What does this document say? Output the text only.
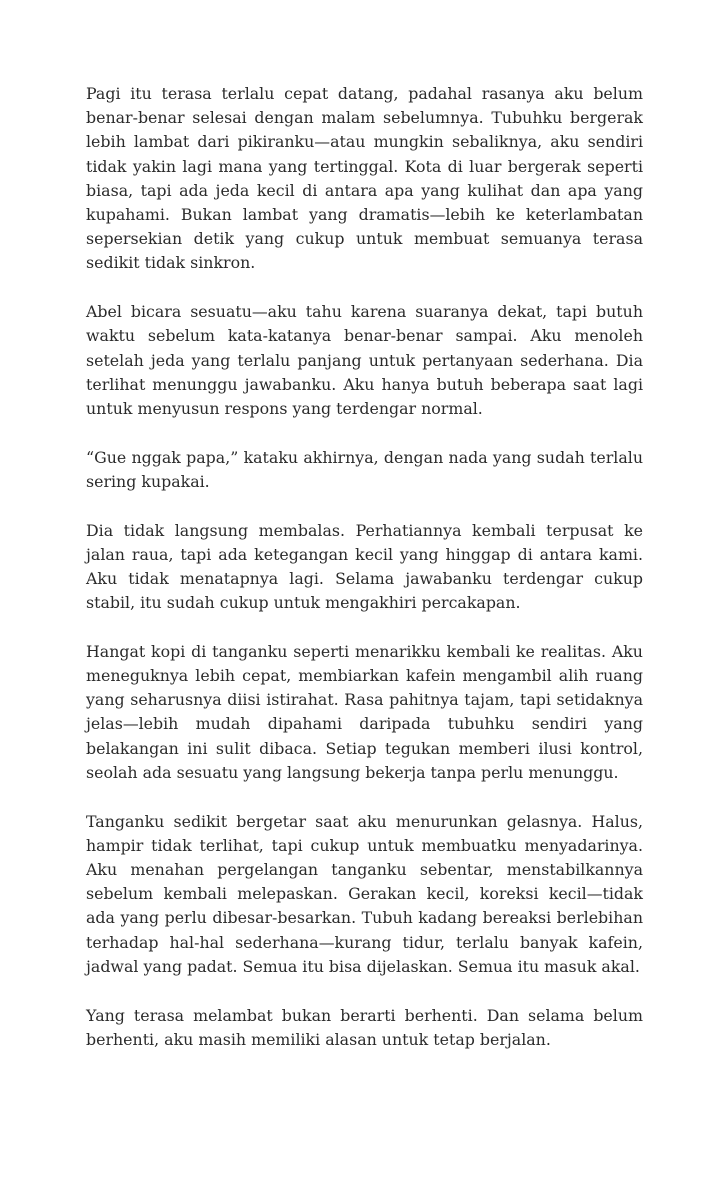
Pagi itu terasa terlalu cepat datang, padahal rasanya aku belum benar-benar selesai dengan malam sebelumnya. Tubuhku bergerak lebih lambat dari pikiranku—atau mungkin sebaliknya, aku sendiri tidak yakin lagi mana yang tertinggal. Kota di luar bergerak seperti biasa, tapi ada jeda kecil di antara apa yang kulihat dan apa yang kupahami. Bukan lambat yang dramatis—lebih ke keterlambatan sepersekian detik yang cukup untuk membuat semuanya terasa sedikit tidak sinkron.

Abel bicara sesuatu—aku tahu karena suaranya dekat, tapi butuh waktu sebelum kata-katanya benar-benar sampai. Aku menoleh setelah jeda yang terlalu panjang untuk pertanyaan sederhana. Dia terlihat menunggu jawabanku. Aku hanya butuh beberapa saat lagi untuk menyusun respons yang terdengar normal.

“Gue nggak papa,” kataku akhirnya, dengan nada yang sudah terlalu sering kupakai.

Dia tidak langsung membalas. Perhatiannya kembali terpusat ke jalan raua, tapi ada ketegangan kecil yang hinggap di antara kami. Aku tidak menatapnya lagi. Selama jawabanku terdengar cukup stabil, itu sudah cukup untuk mengakhiri percakapan.

Hangat kopi di tanganku seperti menarikku kembali ke realitas. Aku meneguknya lebih cepat, membiarkan kafein mengambil alih ruang yang seharusnya diisi istirahat. Rasa pahitnya tajam, tapi setidaknya jelas—lebih mudah dipahami daripada tubuhku sendiri yang belakangan ini sulit dibaca. Setiap tegukan memberi ilusi kontrol, seolah ada sesuatu yang langsung bekerja tanpa perlu menunggu.

Tanganku sedikit bergetar saat aku menurunkan gelasnya. Halus, hampir tidak terlihat, tapi cukup untuk membuatku menyadarinya. Aku menahan pergelangan tanganku sebentar, menstabilkannya sebelum kembali melepaskan. Gerakan kecil, koreksi kecil—tidak ada yang perlu dibesar-besarkan. Tubuh kadang bereaksi berlebihan terhadap hal-hal sederhana—kurang tidur, terlalu banyak kafein, jadwal yang padat. Semua itu bisa dijelaskan. Semua itu masuk akal.

Yang terasa melambat bukan berarti berhenti. Dan selama belum berhenti, aku masih memiliki alasan untuk tetap berjalan.
